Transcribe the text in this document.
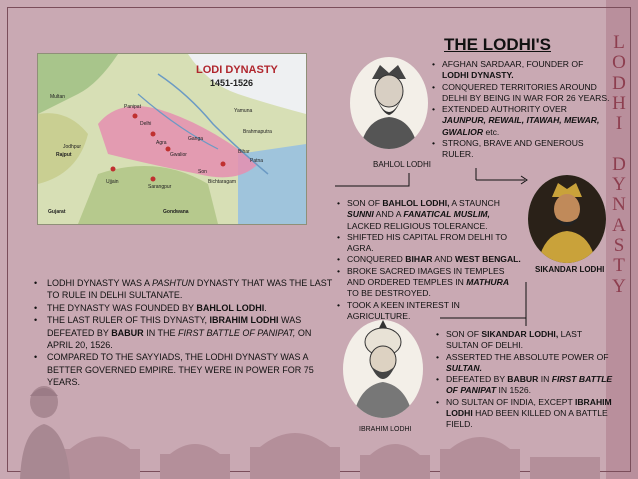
LODI DYNASTY
1451-1526
Multan
Panipat
Delhi
Jodhpur
Rajput
Agra
Gwalior
Ujjain
Sarangpur
Gujarat	Gondwana
Bihar
Son
Bichtaragam
Patna
Brahmaputra
Yamuna
Ganga
THE LODHI'S	L
O
D
H
I

D
Y
N
A
S
T
Y
BAHLOL LODHI
SIKANDAR LODHI
IBRAHIM LODHI
• AFGHAN SARDAAR, FOUNDER OF LODHI DYNASTY.
• CONQUERED TERRITORIES AROUND DELHI BY BEING IN WAR FOR 26 YEARS.
• EXTENDED AUTHORITY OVER JAUNPUR, REWAIL, ITAWAH, MEWAR, GWALIOR etc.
• STRONG, BRAVE AND GENEROUS RULER.
• SON OF BAHLOL LODHI, A STAUNCH SUNNI AND A FANATICAL MUSLIM, LACKED RELIGIOUS TOLERANCE.
• SHIFTED HIS CAPITAL FROM DELHI TO AGRA.
• CONQUERED BIHAR AND WEST BENGAL.
• BROKE SACRED IMAGES IN TEMPLES AND ORDERED TEMPLES IN MATHURA TO BE DESTROYED.
• TOOK A KEEN INTEREST IN AGRICULTURE.
• SON OF SIKANDAR LODHI, LAST SULTAN OF DELHI.
• ASSERTED THE ABSOLUTE POWER OF SULTAN.
• DEFEATED BY BABUR IN FIRST BATTLE OF PANIPAT IN 1526.
• NO SULTAN OF INDIA, EXCEPT IBRAHIM LODHI HAD BEEN KILLED ON A BATTLE FIELD.
• LODHI DYNASTY WAS A PASHTUN DYNASTY THAT WAS THE LAST TO RULE IN DELHI SULTANATE.
• THE DYNASTY WAS FOUNDED BY BAHLOL LODHI.
• THE LAST RULER OF THIS DYNASTY, IBRAHIM LODHI WAS DEFEATED BY BABUR IN THE FIRST BATTLE OF PANIPAT, ON APRIL 20, 1526.
• COMPARED TO THE SAYYIADS, THE LODHI DYNASTY WAS A BETTER GOVERNED EMPIRE. THEY WERE IN POWER FOR 75 YEARS.
